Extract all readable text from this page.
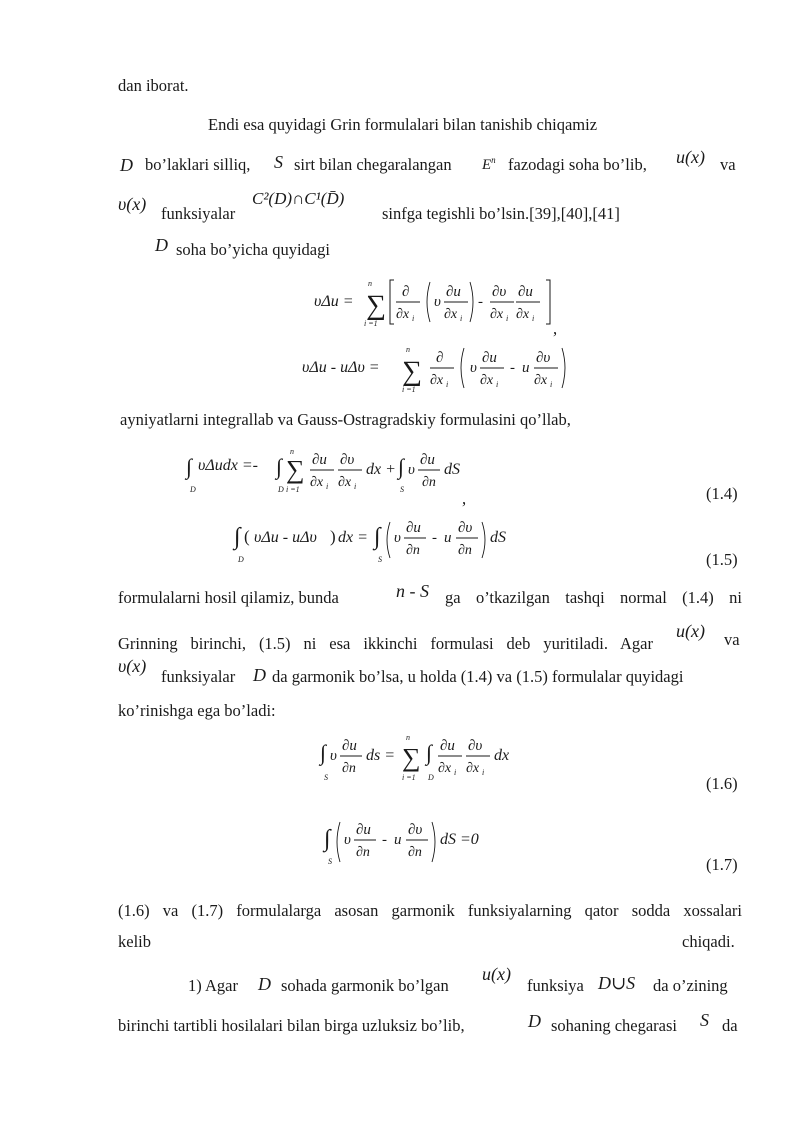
dan iborat.
Endi esa quyidagi Grin formulalari bilan tanishib chiqamiz
D bo’laklari silliq, S sirt bilan chegaralangan $E^n$ fazodagi soha bo’lib, u(x) va
υ(x) funksiyalar
C²(D)∩C¹(D̄)
sinfga tegishli bo’lsin.[39],[40],[41]
D soha bo’yicha quyidagi
υΔu = ∑
n
i =1
∂
∂x i
υ
∂u
∂x i
-
∂υ
∂x i
∂u
∂x i
,
υΔu - uΔυ = ∑
n
i =1
∂
∂x i
υ
∂u
∂x i
- u
∂υ
∂x i
ayniyatlarni integrallab va Gauss-Ostragradskiy formulasini qo’llab,
∫
D
υΔudx =- ∫
D
∑
n
i =1
∂u
∂x i
∂υ
∂x i
dx + ∫
S
υ
∂u
∂n
dS
,	(1.4)
∫
D
( υΔu - uΔυ ) dx = ∫
S
υ
∂u
∂n
- u
∂υ
∂n
dS
(1.5)
formulalarni hosil qilamiz, bunda	n - S ga o’tkazilgan tashqi normal (1.4) ni
Grinning birinchi, (1.5) ni esa ikkinchi formulasi deb yuritiladi. Agar
u(x) va
υ(x)
funksiyalar D da garmonik bo’lsa, u holda (1.4) va (1.5) formulalar quyidagi
ko’rinishga ega bo’ladi:
∫
S
υ
∂u
∂n
ds = ∑
n
i =1
∫
D
∂u
∂x i
∂υ
∂x i
dx
(1.6)
∫
S
υ
∂u
∂n
- u
∂υ
∂n
dS =0
(1.7)
(1.6) va (1.7) formulalarga asosan garmonik funksiyalarning qator sodda xossalari
kelib	chiqadi.
1) Agar D sohada garmonik bo’lgan
u(x)
funksiya D∪S da o’zining
birinchi tartibli hosilalari bilan birga uzluksiz bo’lib,	D sohaning chegarasi S da
